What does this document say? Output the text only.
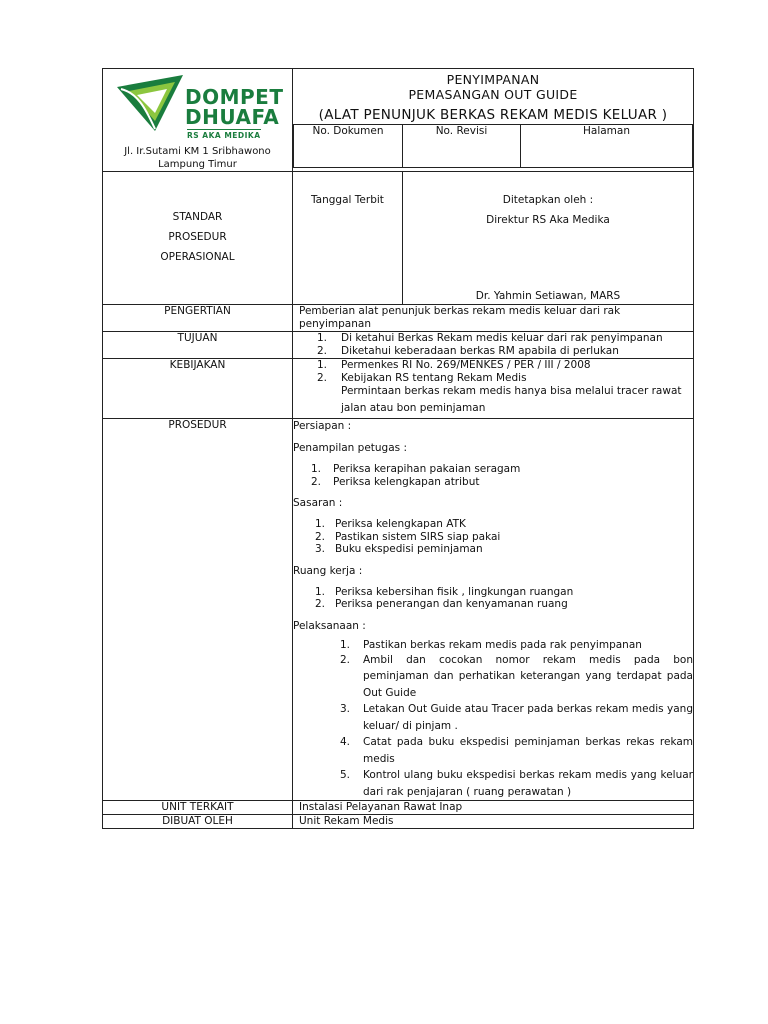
DOMPET
DHUAFA
RS AKA MEDIKA
Jl. Ir.Sutami KM 1 Sribhawono
Lampung Timur

PENYIMPANAN
PEMASANGAN OUT GUIDE
(ALAT PENUNJUK BERKAS REKAM MEDIS KELUAR )
No. Dokumen	No. Revisi	Halaman

STANDAR
PROSEDUR
OPERASIONAL

Tanggal Terbit	Ditetapkan oleh :
Direktur RS Aka Medika
Dr. Yahmin Setiawan, MARS

PENGERTIAN	Pemberian alat penunjuk berkas rekam medis keluar dari rak penyimpanan
TUJUAN	1. Di ketahui Berkas Rekam medis keluar dari rak penyimpanan
2. Diketahui keberadaan berkas RM apabila di perlukan

KEBIJAKAN	1. Permenkes RI No. 269/MENKES / PER / III / 2008
2. Kebijakan RS tentang Rekam Medis
Permintaan berkas rekam medis hanya bisa melalui tracer rawat
jalan atau bon peminjaman

PROSEDUR	Persiapan :
Penampilan petugas :
1. Periksa kerapihan pakaian seragam
2. Periksa kelengkapan atribut
Sasaran :
1. Periksa kelengkapan ATK
2. Pastikan sistem SIRS siap pakai
3. Buku ekspedisi peminjaman
Ruang kerja :
1. Periksa kebersihan fisik , lingkungan ruangan
2. Periksa penerangan dan kenyamanan ruang
Pelaksanaan :
1. Pastikan berkas rekam medis pada rak penyimpanan
2. Ambil dan cocokan nomor rekam medis pada bon peminjaman dan perhatikan keterangan yang terdapat pada Out Guide
3. Letakan Out Guide atau Tracer pada berkas rekam medis yang keluar/ di pinjam .
4. Catat pada buku ekspedisi peminjaman berkas rekas rekam medis
5. Kontrol ulang buku ekspedisi berkas rekam medis yang keluar dari rak penjajaran ( ruang perawatan )

UNIT TERKAIT	Instalasi Pelayanan Rawat Inap
DIBUAT OLEH	Unit Rekam Medis
